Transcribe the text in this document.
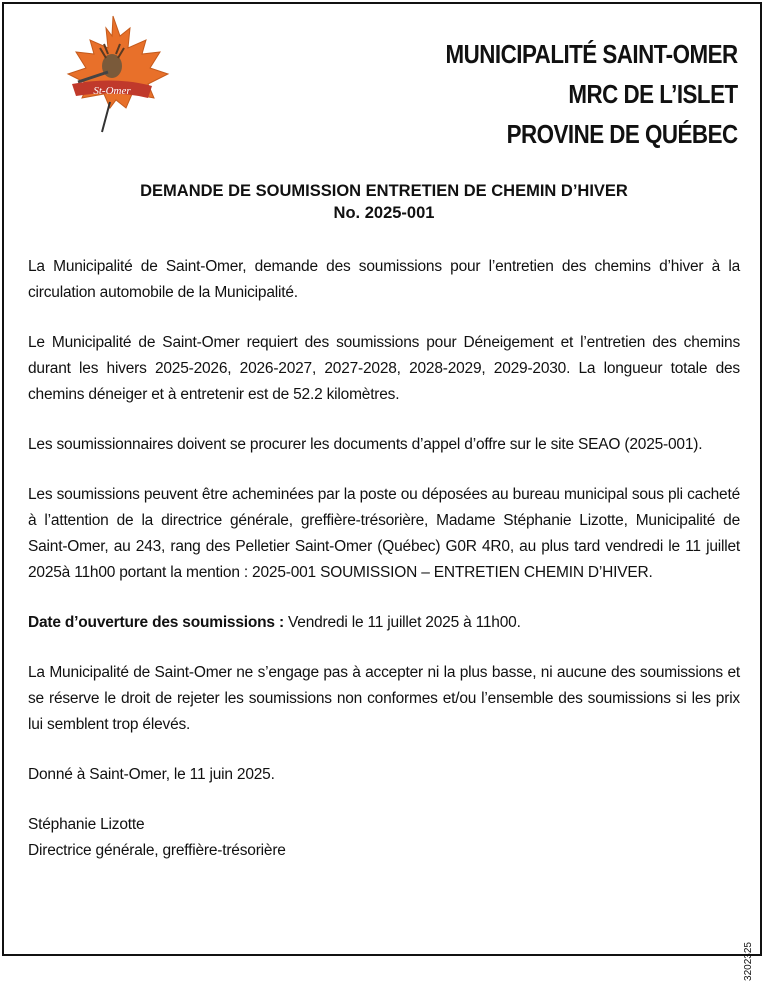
St-Omer
MUNICIPALITÉ SAINT-OMER
MRC DE L’ISLET
PROVINE DE QUÉBEC
DEMANDE DE SOUMISSION ENTRETIEN DE CHEMIN D’HIVER
No. 2025-001

La Municipalité de Saint-Omer, demande des soumissions pour l’entretien des chemins d’hiver à la circulation automobile de la Municipalité.

Le Municipalité de Saint-Omer requiert des soumissions pour Déneigement et l’entretien des chemins durant les hivers 2025-2026, 2026-2027, 2027-2028, 2028-2029, 2029-2030. La longueur totale des chemins déneiger et à entretenir est de 52.2 kilomètres.

Les soumissionnaires doivent se procurer les documents d’appel d’offre sur le site SEAO (2025-001).

Les soumissions peuvent être acheminées par la poste ou déposées au bureau municipal sous pli cacheté à l’attention de la directrice générale, greffière-trésorière, Madame Stéphanie Lizotte, Municipalité de Saint-Omer, au 243, rang des Pelletier Saint-Omer (Québec) G0R 4R0, au plus tard vendredi le 11 juillet 2025à 11h00 portant la mention : 2025-001 SOUMISSION – ENTRETIEN CHEMIN D’HIVER.

Date d’ouverture des soumissions : Vendredi le 11 juillet 2025 à 11h00.

La Municipalité de Saint-Omer ne s’engage pas à accepter ni la plus basse, ni aucune des soumissions et se réserve le droit de rejeter les soumissions non conformes et/ou l’ensemble des soumissions si les prix lui semblent trop élevés.

Donné à Saint-Omer, le 11 juin 2025.

Stéphanie Lizotte

Directrice générale, greffière-trésorière

3202325
